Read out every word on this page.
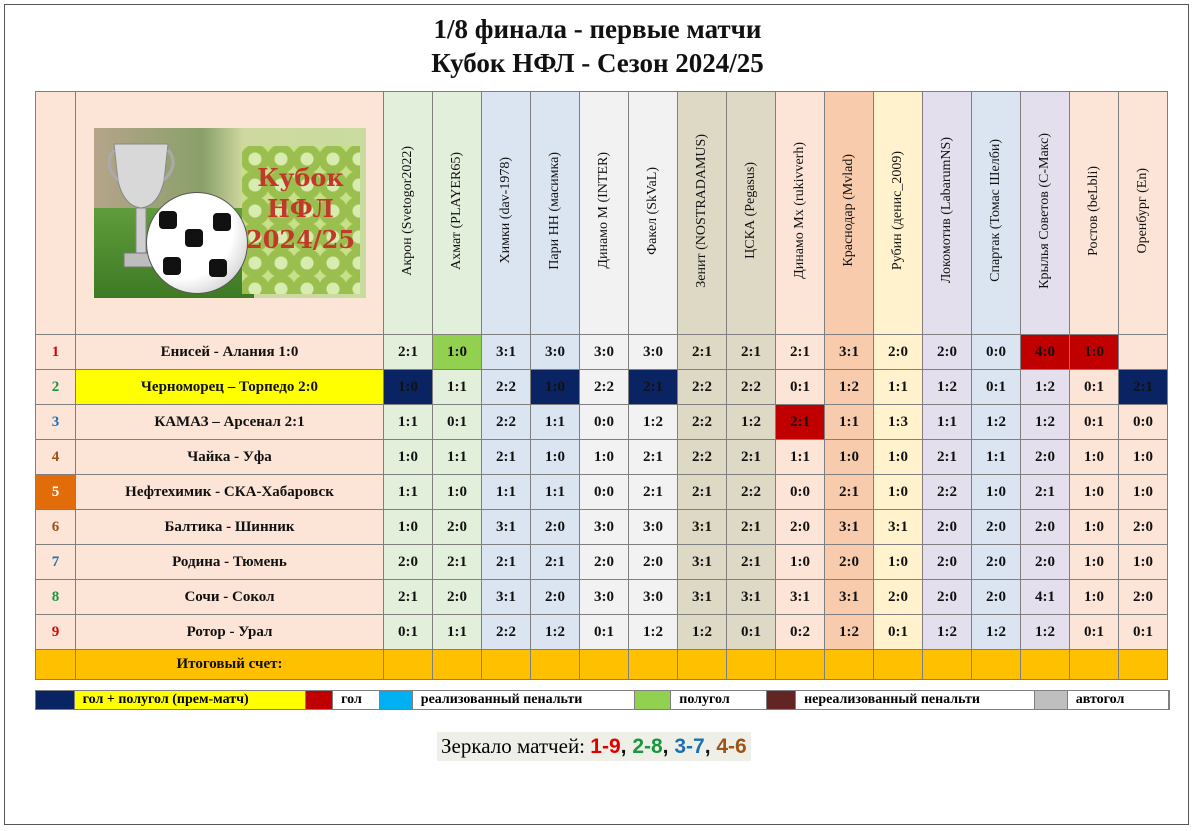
1/8 финала - первые матчи
Кубок НФЛ - Сезон 2024/25

	Кубок
НФЛ
2024/25	Акрон (Svetogor2022)	Ахмат (PLAYER65)	Химки (dav-1978)	Пари НН (масимка)	Динамо М (INTER)	Факел (SkVaL)	Зенит (NOSTRADAMUS)	ЦСКА (Pegasus)	Динамо Мх (rukivverh)	Краснодар (Mvlad)	Рубин (денис_2009)	Локомотив (LabarumNS)	Спартак (Томас Шелби)	Крылья Советов (С-Макс)	Ростов (beLbli)	Оренбург (En)
1	Енисей - Алания 1:0	2:1	1:0	3:1	3:0	3:0	3:0	2:1	2:1	2:1	3:1	2:0	2:0	0:0	4:0	1:0	
2	Черноморец – Торпедо 2:0	1:0	1:1	2:2	1:0	2:2	2:1	2:2	2:2	0:1	1:2	1:1	1:2	0:1	1:2	0:1	2:1
3	КАМАЗ – Арсенал 2:1	1:1	0:1	2:2	1:1	0:0	1:2	2:2	1:2	2:1	1:1	1:3	1:1	1:2	1:2	0:1	0:0
4	Чайка - Уфа	1:0	1:1	2:1	1:0	1:0	2:1	2:2	2:1	1:1	1:0	1:0	2:1	1:1	2:0	1:0	1:0
5	Нефтехимик - СКА-Хабаровск	1:1	1:0	1:1	1:1	0:0	2:1	2:1	2:2	0:0	2:1	1:0	2:2	1:0	2:1	1:0	1:0
6	Балтика - Шинник	1:0	2:0	3:1	2:0	3:0	3:0	3:1	2:1	2:0	3:1	3:1	2:0	2:0	2:0	1:0	2:0
7	Родина - Тюмень	2:0	2:1	2:1	2:1	2:0	2:0	3:1	2:1	1:0	2:0	1:0	2:0	2:0	2:0	1:0	1:0
8	Сочи - Сокол	2:1	2:0	3:1	2:0	3:0	3:0	3:1	3:1	3:1	3:1	2:0	2:0	2:0	4:1	1:0	2:0
9	Ротор - Урал	0:1	1:1	2:2	1:2	0:1	1:2	1:2	0:1	0:2	1:2	0:1	1:2	1:2	1:2	0:1	0:1
	Итоговый счет:																
гол + полугол (прем-матч)	гол	реализованный пенальти	полугол	нереализованный пенальти	автогол
Зеркало матчей: 1-9, 2-8, 3-7, 4-6
